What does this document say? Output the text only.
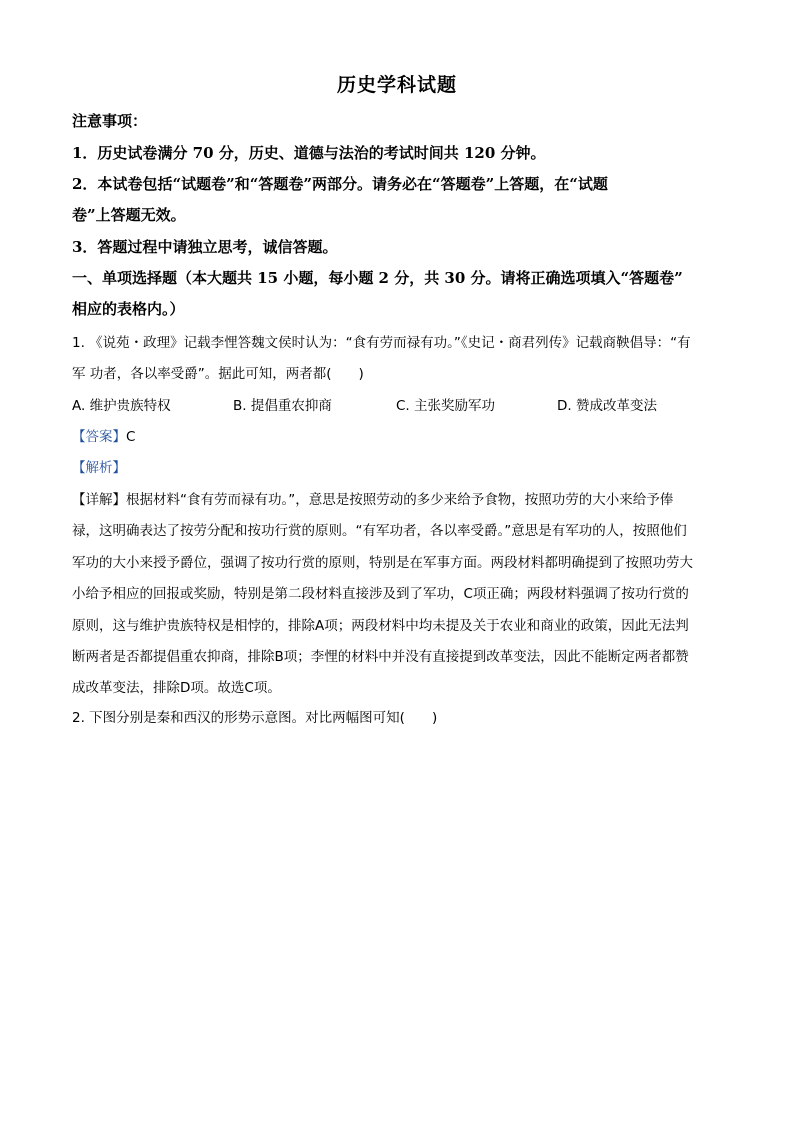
历史学科试题
注意事项：
1．历史试卷满分 70 分，历史、道德与法治的考试时间共 120 分钟。
2．本试卷包括“试题卷”和“答题卷”两部分。请务必在“答题卷”上答题，在“试题
卷”上答题无效。
3．答题过程中请独立思考，诚信答题。
一、单项选择题（本大题共 15 小题，每小题 2 分，共 30 分。请将正确选项填入“答题卷”
相应的表格内。）
1. 《说苑・政理》记载李悝答魏文侯时认为：“食有劳而禄有功。”《史记・商君列传》记载商鞅倡导：“有
军 功者，各以率受爵”。据此可知，两者都(　　)
A. 维护贵族特权	B. 提倡重农抑商	C. 主张奖励军功	D. 赞成改革变法
【答案】C
【解析】
【详解】根据材料“食有劳而禄有功。”，意思是按照劳动的多少来给予食物，按照功劳的大小来给予俸
禄，这明确表达了按劳分配和按功行赏的原则。“有军功者，各以率受爵。”意思是有军功的人，按照他们
军功的大小来授予爵位，强调了按功行赏的原则，特别是在军事方面。两段材料都明确提到了按照功劳大
小给予相应的回报或奖励，特别是第二段材料直接涉及到了军功，C项正确；两段材料强调了按功行赏的
原则，这与维护贵族特权是相悖的，排除A项；两段材料中均未提及关于农业和商业的政策，因此无法判
断两者是否都提倡重农抑商，排除B项；李悝的材料中并没有直接提到改革变法，因此不能断定两者都赞
成改革变法，排除D项。故选C项。
2. 下图分别是秦和西汉的形势示意图。对比两幅图可知(　　)
